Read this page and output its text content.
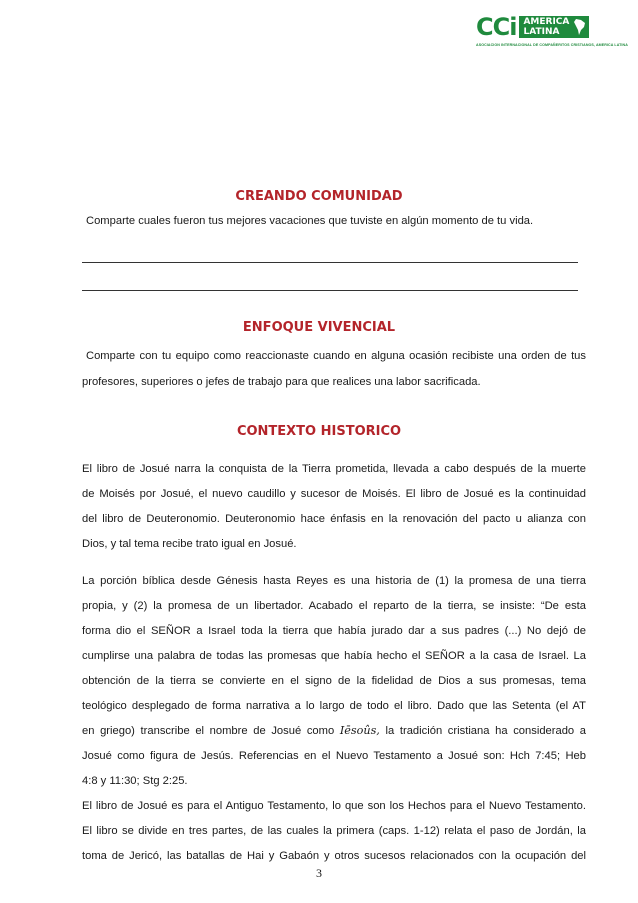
CCi AMERICA
LATINA
ASOCIACION INTERNACIONAL DE COMPAÑERITOS CRISTIANOS, AMERICA LATINA
CREANDO COMUNIDAD
Comparte cuales fueron tus mejores vacaciones que tuviste en algún momento de tu vida.
ENFOQUE VIVENCIAL
Comparte con tu equipo como reaccionaste cuando en alguna ocasión recibiste una orden de tus
profesores, superiores o jefes de trabajo para que realices una labor sacrificada.
CONTEXTO HISTORICO
El libro de Josué narra la conquista de la Tierra prometida, llevada a cabo después de la muerte
de Moisés por Josué, el nuevo caudillo y sucesor de Moisés. El libro de Josué es la continuidad
del libro de Deuteronomio. Deuteronomio hace énfasis en la renovación del pacto u alianza con
Dios, y tal tema recibe trato igual en Josué.
La porción bíblica desde Génesis hasta Reyes es una historia de (1) la promesa de una tierra
propia, y (2) la promesa de un libertador. Acabado el reparto de la tierra, se insiste: “De esta
forma dio el SEÑOR a Israel toda la tierra que había jurado dar a sus padres (...) No dejó de
cumplirse una palabra de todas las promesas que había hecho el SEÑOR a la casa de Israel. La
obtención de la tierra se convierte en el signo de la fidelidad de Dios a sus promesas, tema
teológico desplegado de forma narrativa a lo largo de todo el libro. Dado que las Setenta (el AT
en griego) transcribe el nombre de Josué como Iēsoûs, la tradición cristiana ha considerado a
Josué como figura de Jesús. Referencias en el Nuevo Testamento a Josué son: Hch 7:45; Heb
4:8 y 11:30; Stg 2:25.
El libro de Josué es para el Antiguo Testamento, lo que son los Hechos para el Nuevo Testamento.
El libro se divide en tres partes, de las cuales la primera (caps. 1-12) relata el paso de Jordán, la
toma de Jericó, las batallas de Hai y Gabaón y otros sucesos relacionados con la ocupación del
3
